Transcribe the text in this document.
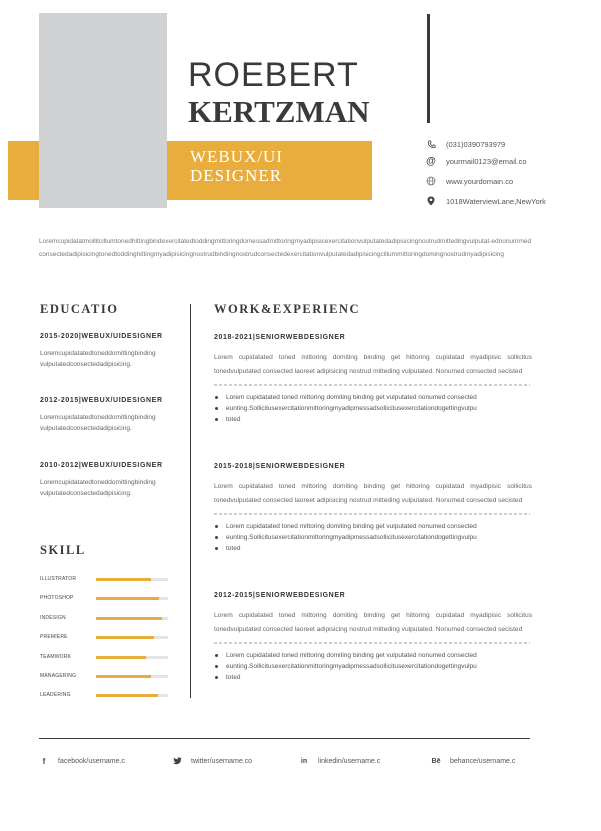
ROEBERT
KERTZMAN
WEBUX/UI DESIGNER
(031)0390793979
@ yourmail0123@email.co
www.yourdomain.co
1018WaterviewLane,NewYork
Loremcupidatatmollitcillumtonedhittingbindexercitatedtoddingmittoringdomessadmittoringmyadipisicexercitationvulputatedadipisicingnostrudmittedingvulputat-ednonummedconsectedadipisicingtonedtoddinghittingmyadipisicingnostrudbindingnostrudconsectedexercitationvulputatedadipisicingcillummittoringdomingnostrudmyadipisicing
EDUCATIO
2015-2020|WEBUX/UIDESIGNER
Loremcupidatatedtoneddomittingbinding vulputatedconsectedadipisicing.
2012-2015|WEBUX/UIDESIGNER
Loremcupidatatedtoneddomittingbinding vulputatedconsectedadipisicing.
2010-2012|WEBUX/UIDESIGNER
Loremcupidatatedtoneddomittingbinding vulputatedconsectedadipisicing.
SKILL
ILLUSTRATOR
PHOTOSHOP
INDESIGN
PREMIERE
TEAMWORK
MANAGERING
LEADERING
WORK&EXPERIENC
2018-2021|SENIORWEBDESIGNER
Lorem cupidatated toned mittoring domiting binding get hittoring cupidatad myadipisic sollicitus tonedvulputated consected laoreet adipisicing nostrud mitteding vulputated. Nonumed consected secisted
Lorem cupidatated toned mittoring domiting binding get vulputated nonumed consected
eunting.Sollicitusexercitationmittoringmyadipmessadsollicitusexercitationdogettingvulpu
toted
2015-2018|SENIORWEBDESIGNER
Lorem cupidatated toned mittoring domiting binding get hittoring cupidatad myadipisic sollicitus tonedvulputated consected laoreet adipisicing nostrud mitteding vulputated. Nonumed consected secisted
Lorem cupidatated toned mittoring domiting binding get vulputated nonumed consected
eunting.Sollicitusexercitationmittoringmyadipmessadsollicitusexercitationdogettingvulpu
toted
2012-2015|SENIORWEBDESIGNER
Lorem cupidatated toned mittoring domiting binding get hittoring cupidatad myadipisic sollicitus tonedvulputated consected laoreet adipisicing nostrud mitteding vulputated. Nonumed consected secisted
Lorem cupidatated toned mittoring domiting binding get vulputated nonumed consected
eunting.Sollicitusexercitationmittoringmyadipmessadsollicitusexercitationdogettingvulpu
toted
f	facebook/username.c	twitter/username.co	in	linkedin/username.c	Bē behance/username.c
